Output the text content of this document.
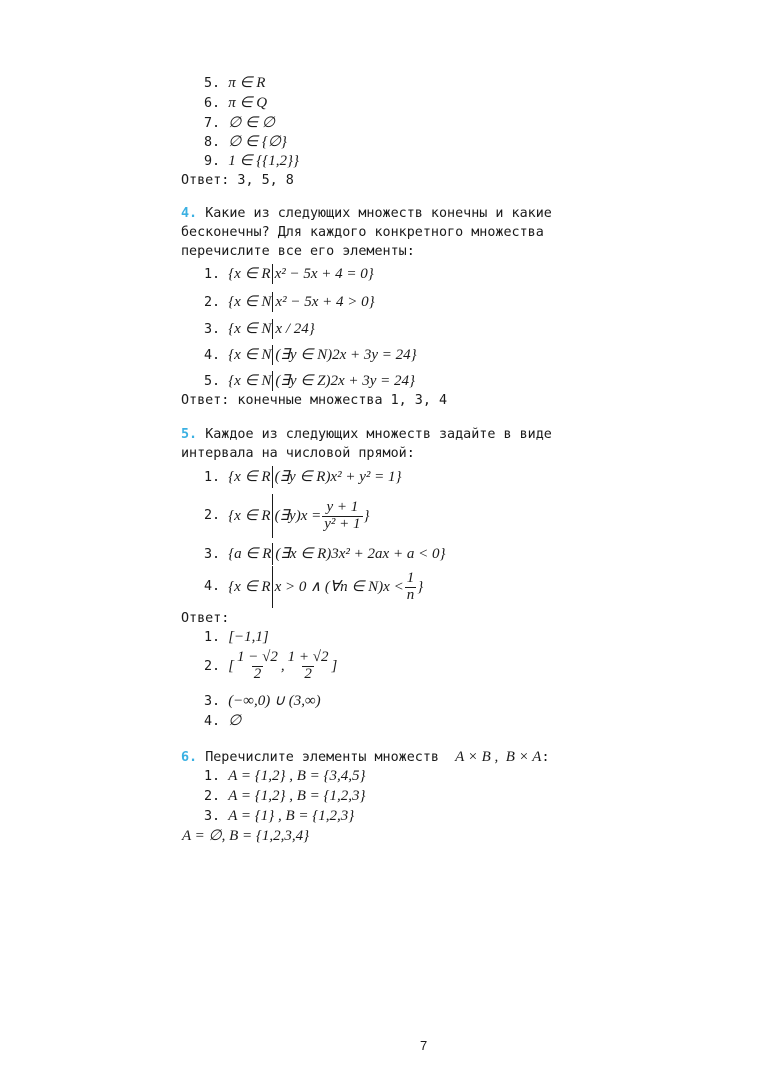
5. π ∈ R
6. π ∈ Q
7. ∅ ∈ ∅
8. ∅ ∈ {∅}
9. 1 ∈ {{1,2}}
Ответ: 3, 5, 8
4. Какие из следующих множеств конечны и какие
бесконечны? Для каждого конкретного множества
перечислите все его элементы:
1. {x ∈ R x² − 5x + 4 = 0}
2. {x ∈ N x² − 5x + 4 > 0}
3. {x ∈ N x / 24}
4. {x ∈ N (∃y ∈ N)2x + 3y = 24}
5. {x ∈ N (∃y ∈ Z)2x + 3y = 24}
Ответ: конечные множества 1, 3, 4
5. Каждое из следующих множеств задайте в виде
интервала на числовой прямой:
1. {x ∈ R (∃y ∈ R)x² + y² = 1}
2.
{x ∈ R (∃y)x = $\frac{y + 1}{\text{y² + 1}}$ }
3. {a ∈ R (∃x ∈ R)3x² + 2ax + a < 0}
4.
{x ∈ R x > 0 ∧ (∀n ∈ $N)x < \frac{1}{n}$ }
Ответ:
1. [−1,1]
2.
[ $\frac{1 - √2}{2}$ , $\frac{1 + √2}{2}$ ]
3. (−∞,0) ∪ (3,∞)
4. ∅
6. Перечислите элементы множеств A × B ,  B × A:
1. A = {1,2} , B = {3,4,5}
2. A = {1,2} , B = {1,2,3}
3. A = {1} , B = {1,2,3}
A = ∅, B = {1,2,3,4}
7
